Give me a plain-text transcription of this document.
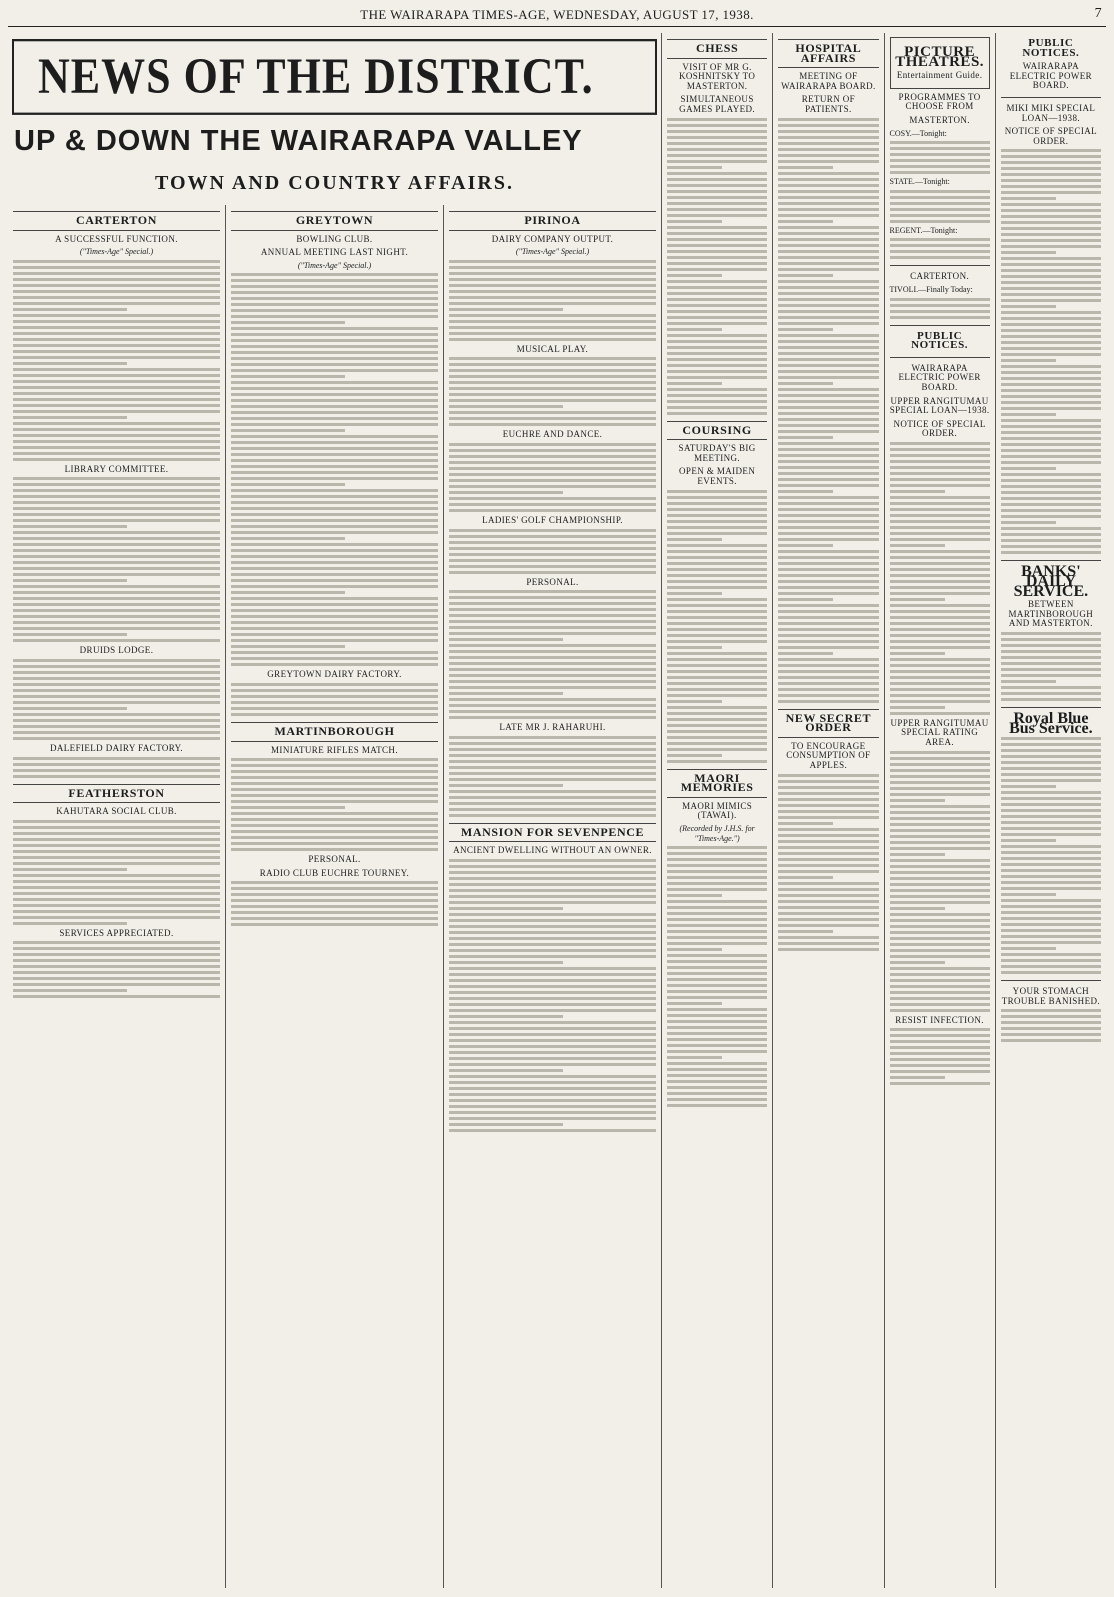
THE WAIRARAPA TIMES-AGE, WEDNESDAY, AUGUST 17, 1938.	7
NEWS OF THE DISTRICT.
UP & DOWN THE WAIRARAPA VALLEY
TOWN AND COUNTRY AFFAIRS.
CARTERTON
A SUCCESSFUL FUNCTION.
("Times-Age" Special.)
LIBRARY COMMITTEE.
DRUIDS LODGE.
DALEFIELD DAIRY FACTORY.
FEATHERSTON
KAHUTARA SOCIAL CLUB.
SERVICES APPRECIATED.
GREYTOWN
BOWLING CLUB.
ANNUAL MEETING LAST NIGHT.
("Times-Age" Special.)
GREYTOWN DAIRY FACTORY.
MARTINBOROUGH
MINIATURE RIFLES MATCH.
PERSONAL.
RADIO CLUB EUCHRE TOURNEY.
PIRINOA
DAIRY COMPANY OUTPUT.
("Times-Age" Special.)
MUSICAL PLAY.
EUCHRE AND DANCE.
LADIES' GOLF CHAMPIONSHIP.
PERSONAL.
LATE MR J. RAHARUHI.
MANSION FOR SEVENPENCE
ANCIENT DWELLING WITHOUT AN OWNER.
CHESS
VISIT OF MR G. KOSHNITSKY TO MASTERTON.
SIMULTANEOUS GAMES PLAYED.
COURSING
SATURDAY'S BIG MEETING.
OPEN & MAIDEN EVENTS.
MAORI MEMORIES
MAORI MIMICS (TAWAI).
(Recorded by J.H.S. for "Times-Age.")
HOSPITAL AFFAIRS
MEETING OF WAIRARAPA BOARD.
RETURN OF PATIENTS.
NEW SECRET ORDER
TO ENCOURAGE CONSUMPTION OF APPLES.
PICTURE THEATRES.
Entertainment Guide.
PROGRAMMES TO CHOOSE FROM
MASTERTON.
COSY.—Tonight:
STATE.—Tonight:
REGENT.—Tonight:
CARTERTON.
TIVOLI.—Finally Today:
PUBLIC NOTICES.
WAIRARAPA ELECTRIC POWER BOARD.
UPPER RANGITUMAU SPECIAL LOAN—1938.
NOTICE OF SPECIAL ORDER.
UPPER RANGITUMAU SPECIAL RATING AREA.
RESIST INFECTION.
PUBLIC NOTICES.
WAIRARAPA ELECTRIC POWER BOARD.
MIKI MIKI SPECIAL LOAN—1938.
NOTICE OF SPECIAL ORDER.
BANKS' DAILY SERVICE.
BETWEEN MARTINBOROUGH AND MASTERTON.
Royal Blue Bus Service.
YOUR STOMACH TROUBLE BANISHED.
